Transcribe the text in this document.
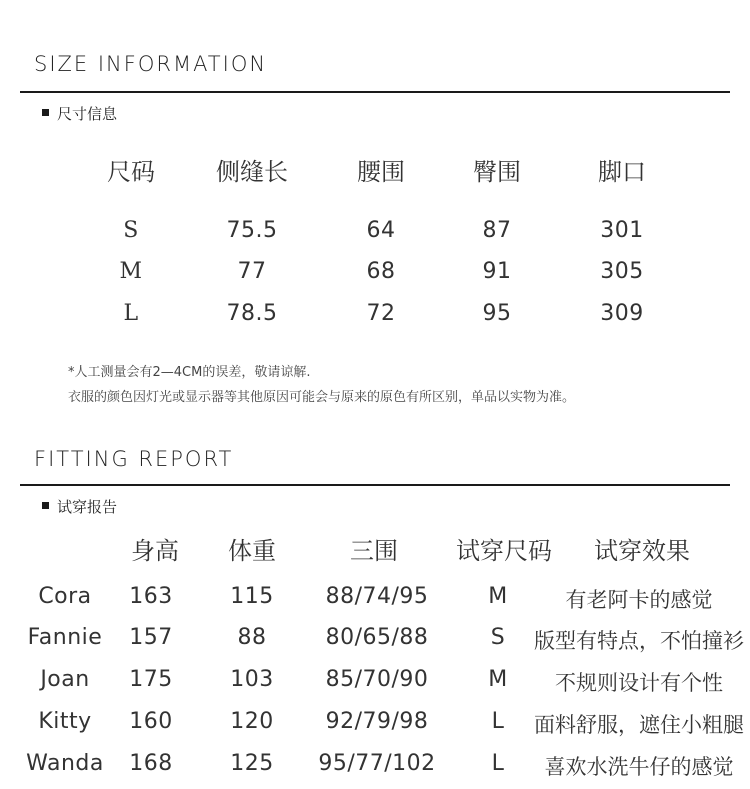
SIZE INFORMATION
尺寸信息
尺码	侧缝长	腰围	臀围	脚口
S	75.5	64	87	301
M	77	68	91	305
L	78.5	72	95	309
*人工测量会有2—4CM的误差，敬请谅解.
衣服的颜色因灯光或显示器等其他原因可能会与原来的原色有所区别，单品以实物为准。
FITTING REPORT
试穿报告
身高 体重	三围 试穿尺码 试穿效果
Cora 163	115 88/74/95	M	有老阿卡的感觉
Fannie 157	88	80/65/88	S 版型有特点，不怕撞衫
Joan 175	103 85/70/90	M 不规则设计有个性
Kitty 160	120 92/79/98	L 面料舒服，遮住小粗腿
Wanda 168	125 95/77/102	L 喜欢水洗牛仔的感觉
